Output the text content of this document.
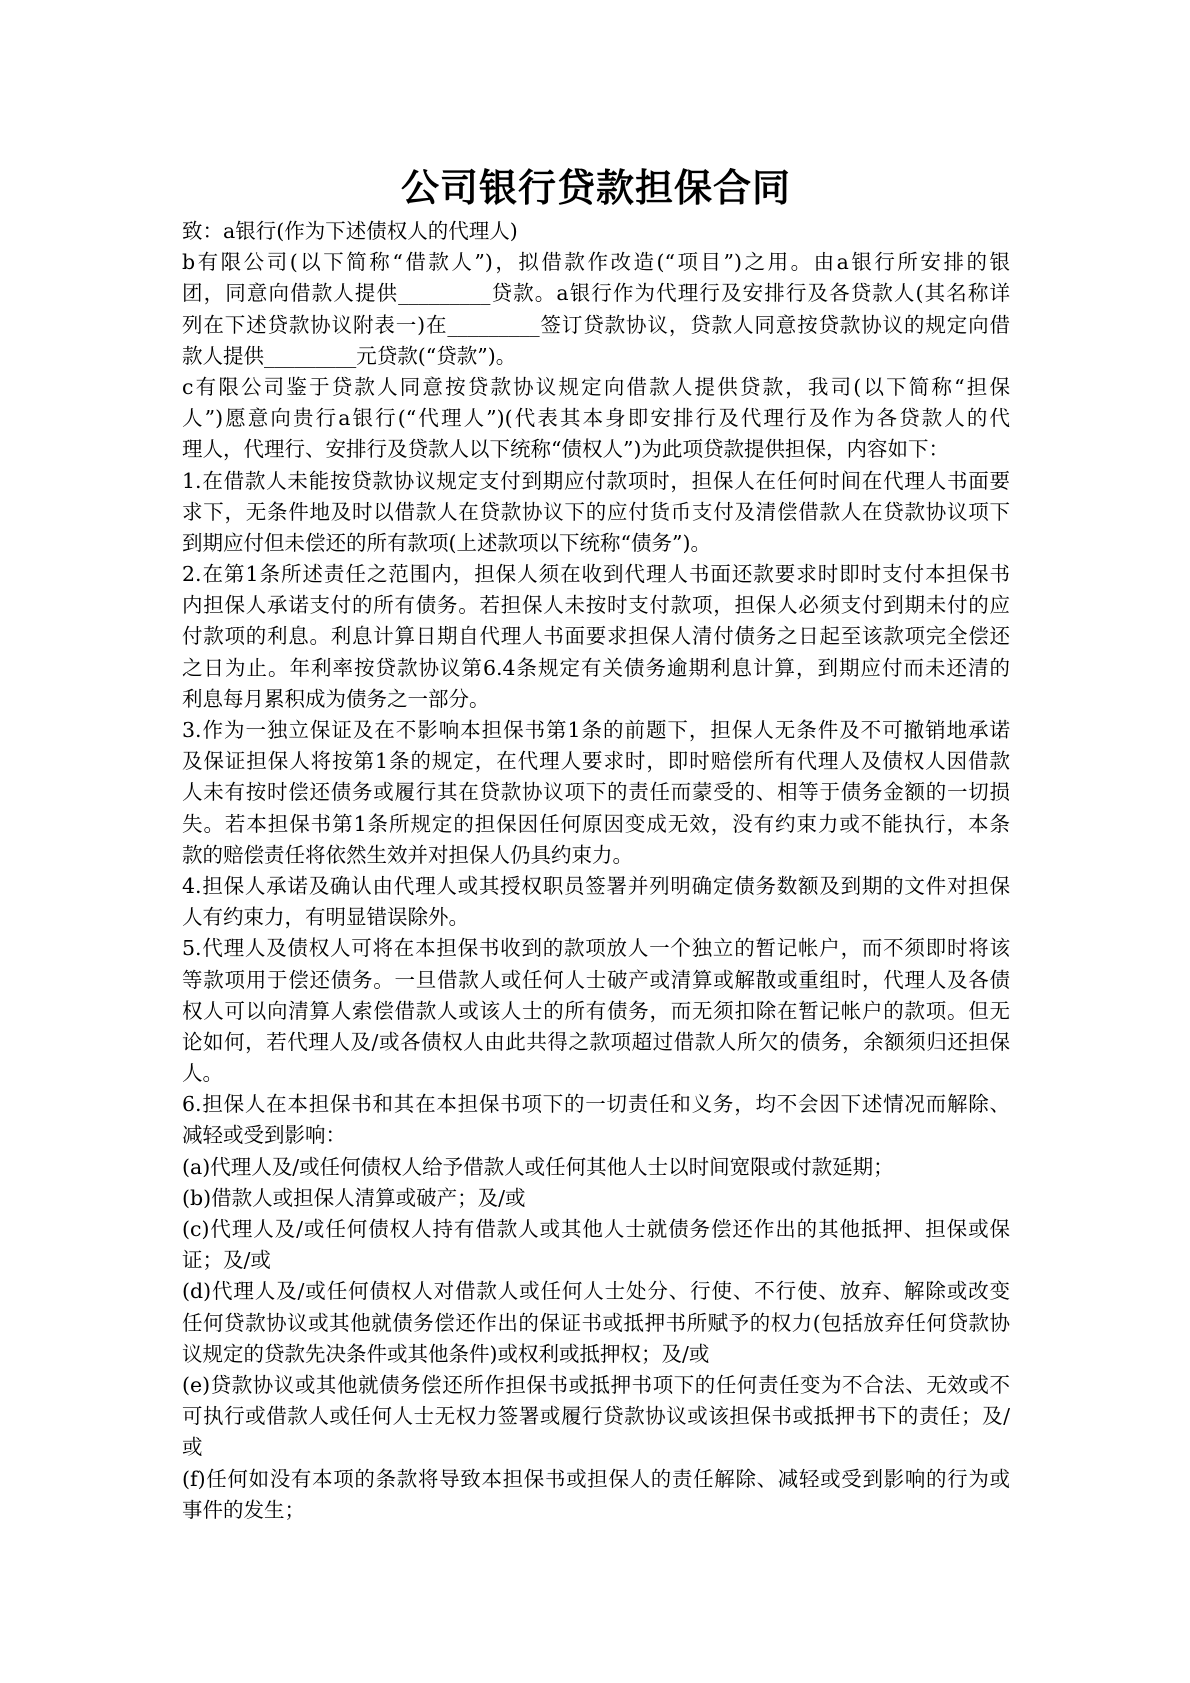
公司银行贷款担保合同
致：a银行(作为下述债权人的代理人)
b有限公司(以下简称“借款人”)，拟借款作改造(“项目”)之用。由a银行所安排的银
团，同意向借款人提供_________贷款。a银行作为代理行及安排行及各贷款人(其名称详
列在下述贷款协议附表一)在_________签订贷款协议，贷款人同意按贷款协议的规定向借
款人提供_________元贷款(“贷款”)。
c有限公司鉴于贷款人同意按贷款协议规定向借款人提供贷款，我司(以下简称“担保
人”)愿意向贵行a银行(“代理人”)(代表其本身即安排行及代理行及作为各贷款人的代
理人，代理行、安排行及贷款人以下统称“债权人”)为此项贷款提供担保，内容如下：
1.在借款人未能按贷款协议规定支付到期应付款项时，担保人在任何时间在代理人书面要
求下，无条件地及时以借款人在贷款协议下的应付货币支付及清偿借款人在贷款协议项下
到期应付但未偿还的所有款项(上述款项以下统称“债务”)。
2.在第1条所述责任之范围内，担保人须在收到代理人书面还款要求时即时支付本担保书
内担保人承诺支付的所有债务。若担保人未按时支付款项，担保人必须支付到期未付的应
付款项的利息。利息计算日期自代理人书面要求担保人清付债务之日起至该款项完全偿还
之日为止。年利率按贷款协议第6.4条规定有关债务逾期利息计算，到期应付而未还清的
利息每月累积成为债务之一部分。
3.作为一独立保证及在不影响本担保书第1条的前题下，担保人无条件及不可撤销地承诺
及保证担保人将按第1条的规定，在代理人要求时，即时赔偿所有代理人及债权人因借款
人未有按时偿还债务或履行其在贷款协议项下的责任而蒙受的、相等于债务金额的一切损
失。若本担保书第1条所规定的担保因任何原因变成无效，没有约束力或不能执行，本条
款的赔偿责任将依然生效并对担保人仍具约束力。
4.担保人承诺及确认由代理人或其授权职员签署并列明确定债务数额及到期的文件对担保
人有约束力，有明显错误除外。
5.代理人及债权人可将在本担保书收到的款项放人一个独立的暂记帐户，而不须即时将该
等款项用于偿还债务。一旦借款人或任何人士破产或清算或解散或重组时，代理人及各债
权人可以向清算人索偿借款人或该人士的所有债务，而无须扣除在暂记帐户的款项。但无
论如何，若代理人及/或各债权人由此共得之款项超过借款人所欠的债务，余额须归还担保
人。
6.担保人在本担保书和其在本担保书项下的一切责任和义务，均不会因下述情况而解除、
减轻或受到影响：
(a)代理人及/或任何债权人给予借款人或任何其他人士以时间宽限或付款延期；
(b)借款人或担保人清算或破产；及/或
(c)代理人及/或任何债权人持有借款人或其他人士就债务偿还作出的其他抵押、担保或保
证；及/或
(d)代理人及/或任何债权人对借款人或任何人士处分、行使、不行使、放弃、解除或改变
任何贷款协议或其他就债务偿还作出的保证书或抵押书所赋予的权力(包括放弃任何贷款协
议规定的贷款先决条件或其他条件)或权利或抵押权；及/或
(e)贷款协议或其他就债务偿还所作担保书或抵押书项下的任何责任变为不合法、无效或不
可执行或借款人或任何人士无权力签署或履行贷款协议或该担保书或抵押书下的责任；及/
或
(f)任何如没有本项的条款将导致本担保书或担保人的责任解除、减轻或受到影响的行为或
事件的发生；
